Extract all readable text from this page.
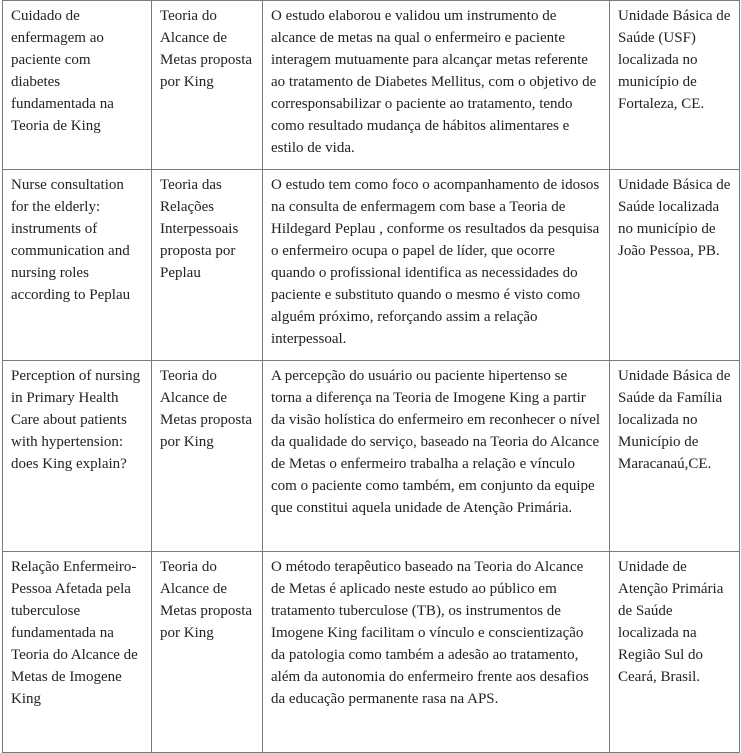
Cuidado de enfermagem ao paciente com diabetes fundamentada na Teoria de King	Teoria do Alcance de Metas proposta por King	O estudo elaborou e validou um instrumento de alcance de metas na qual o enfermeiro e paciente interagem mutuamente para alcançar metas referente ao tratamento de Diabetes Mellitus, com o objetivo de corresponsabilizar o paciente ao tratamento, tendo como resultado mudança de hábitos alimentares e estilo de vida.	Unidade Básica de Saúde (USF) localizada no município de Fortaleza, CE.
Nurse consultation for the elderly: instruments of communication and nursing roles according to Peplau	Teoria das Relações Interpessoais proposta por Peplau	O estudo tem como foco o acompanhamento de idosos na consulta de enfermagem com base a Teoria de Hildegard Peplau , conforme os resultados da pesquisa o enfermeiro ocupa o papel de líder, que ocorre quando o profissional identifica as necessidades do paciente e substituto quando o mesmo é visto como alguém próximo, reforçando assim a relação interpessoal.	Unidade Básica de Saúde localizada no município de João Pessoa, PB.
Perception of nursing in Primary Health Care about patients with hypertension: does King explain?	Teoria do Alcance de Metas proposta por King	A percepção do usuário ou paciente hipertenso se torna a diferença na Teoria de Imogene King a partir da visão holística do enfermeiro em reconhecer o nível da qualidade do serviço, baseado na Teoria do Alcance de Metas o enfermeiro trabalha a relação e vínculo com o paciente como também, em conjunto da equipe que constitui aquela unidade de Atenção Primária.	Unidade Básica de Saúde da Família localizada no Município de Maracanaú,CE.
Relação Enfermeiro- Pessoa Afetada pela tuberculose fundamentada na Teoria do Alcance de Metas de Imogene King	Teoria do Alcance de Metas proposta por King	O método terapêutico baseado na Teoria do Alcance de Metas é aplicado neste estudo ao público em tratamento tuberculose (TB), os instrumentos de Imogene King facilitam o vínculo e conscientização da patologia como também a adesão ao tratamento, além da autonomia do enfermeiro frente aos desafios da educação permanente rasa na APS.	Unidade de Atenção Primária de Saúde localizada na Região Sul do Ceará, Brasil.
